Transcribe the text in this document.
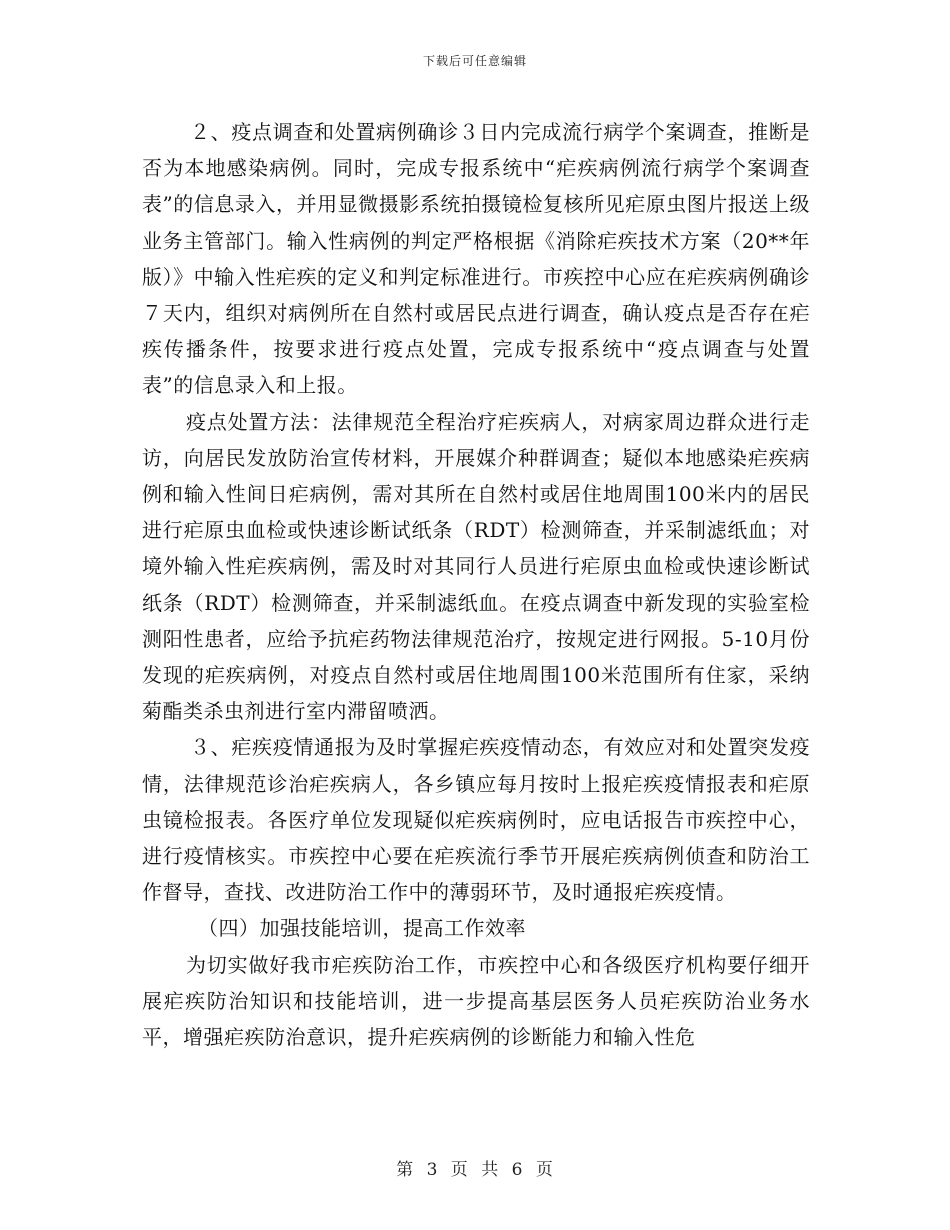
下载后可任意编辑

２、疫点调查和处置病例确诊３日内完成流行病学个案调查，推断是否为本地感染病例。同时，完成专报系统中“疟疾病例流行病学个案调查表”的信息录入，并用显微摄影系统拍摄镜检复核所见疟原虫图片报送上级业务主管部门。输入性病例的判定严格根据《消除疟疾技术方案（20**年版）》中输入性疟疾的定义和判定标准进行。市疾控中心应在疟疾病例确诊７天内，组织对病例所在自然村或居民点进行调查，确认疫点是否存在疟疾传播条件，按要求进行疫点处置，完成专报系统中“疫点调查与处置表”的信息录入和上报。

疫点处置方法：法律规范全程治疗疟疾病人，对病家周边群众进行走访，向居民发放防治宣传材料，开展媒介种群调查；疑似本地感染疟疾病例和输入性间日疟病例，需对其所在自然村或居住地周围100米内的居民进行疟原虫血检或快速诊断试纸条（RDT）检测筛查，并采制滤纸血；对境外输入性疟疾病例，需及时对其同行人员进行疟原虫血检或快速诊断试纸条（RDT）检测筛查，并采制滤纸血。在疫点调查中新发现的实验室检测阳性患者，应给予抗疟药物法律规范治疗，按规定进行网报。5-10月份发现的疟疾病例，对疫点自然村或居住地周围100米范围所有住家，采纳菊酯类杀虫剂进行室内滞留喷洒。

３、疟疾疫情通报为及时掌握疟疾疫情动态，有效应对和处置突发疫情，法律规范诊治疟疾病人，各乡镇应每月按时上报疟疾疫情报表和疟原虫镜检报表。各医疗单位发现疑似疟疾病例时，应电话报告市疾控中心，进行疫情核实。市疾控中心要在疟疾流行季节开展疟疾病例侦查和防治工作督导，查找、改进防治工作中的薄弱环节，及时通报疟疾疫情。

（四）加强技能培训，提高工作效率

为切实做好我市疟疾防治工作，市疾控中心和各级医疗机构要仔细开展疟疾防治知识和技能培训，进一步提高基层医务人员疟疾防治业务水平，增强疟疾防治意识，提升疟疾病例的诊断能力和输入性危

第 3 页 共 6 页
